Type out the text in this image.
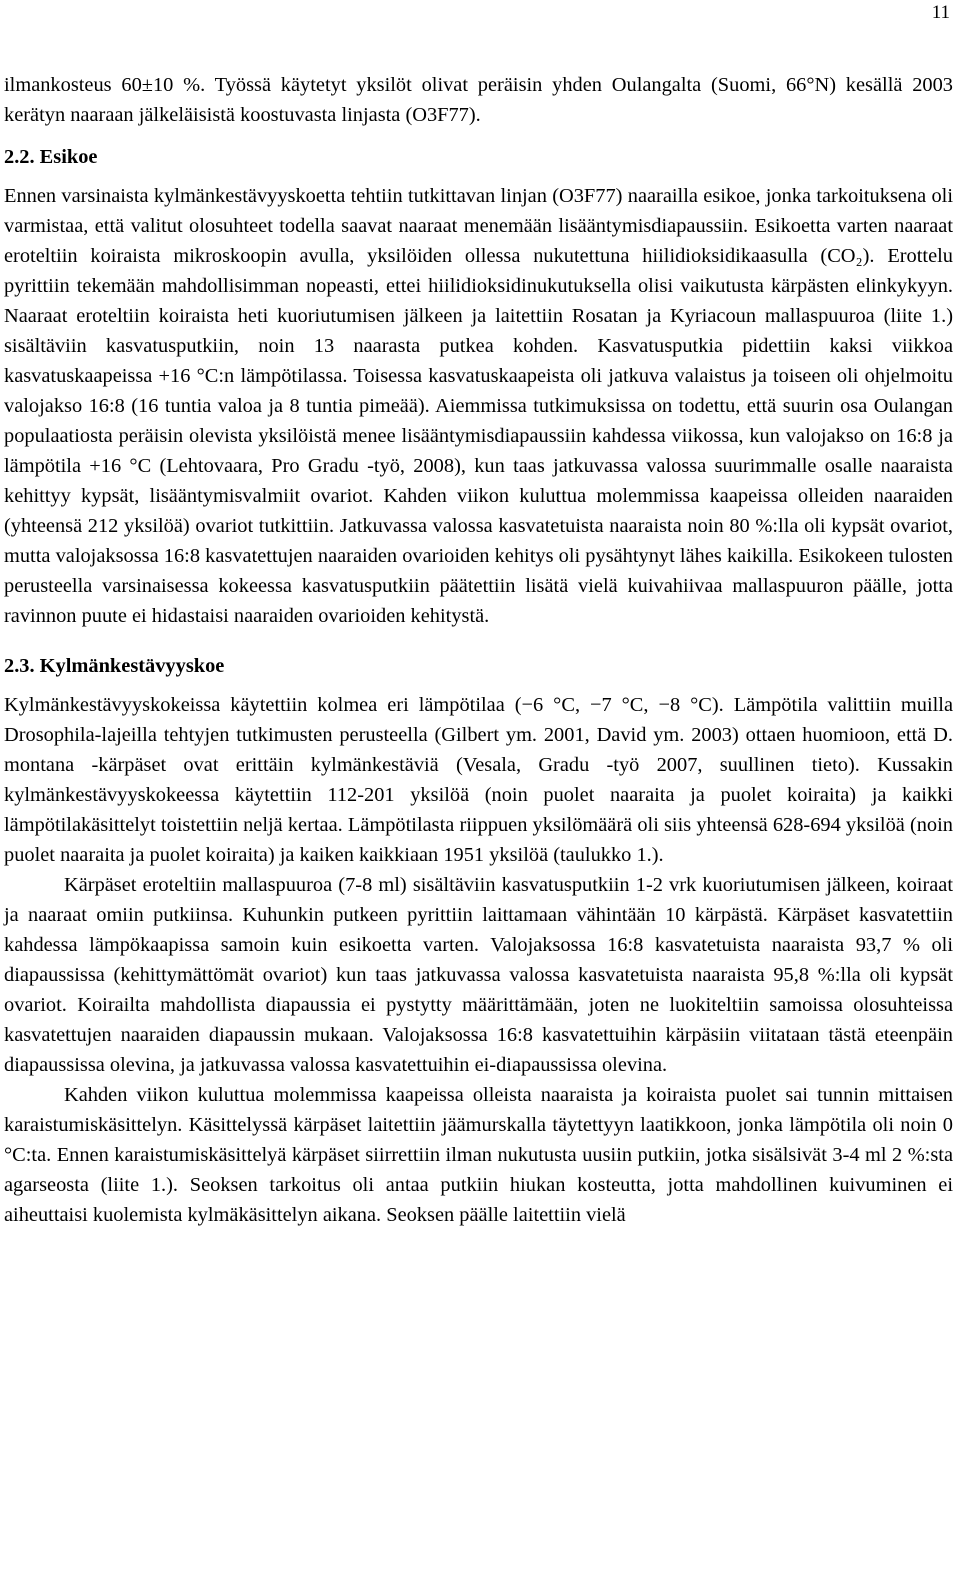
11

ilmankosteus 60±10 %. Työssä käytetyt yksilöt olivat peräisin yhden Oulangalta (Suomi, 66°N) kesällä 2003 kerätyn naaraan jälkeläisistä koostuvasta linjasta (O3F77).

2.2. Esikoe

Ennen varsinaista kylmänkestävyyskoetta tehtiin tutkittavan linjan (O3F77) naarailla esikoe, jonka tarkoituksena oli varmistaa, että valitut olosuhteet todella saavat naaraat menemään lisääntymisdiapaussiin. Esikoetta varten naaraat eroteltiin koiraista mikroskoopin avulla, yksilöiden ollessa nukutettuna hiilidioksidikaasulla (CO₂). Erottelu pyrittiin tekemään mahdollisimman nopeasti, ettei hiilidioksidinukutuksella olisi vaikutusta kärpästen elinkykyyn. Naaraat eroteltiin koiraista heti kuoriutumisen jälkeen ja laitettiin Rosatan ja Kyriacoun mallaspuuroa (liite 1.) sisältäviin kasvatusputkiin, noin 13 naarasta putkea kohden. Kasvatusputkia pidettiin kaksi viikkoa kasvatuskaapeissa +16 °C:n lämpötilassa. Toisessa kasvatuskaapeista oli jatkuva valaistus ja toiseen oli ohjelmoitu valojakso 16:8 (16 tuntia valoa ja 8 tuntia pimeää). Aiemmissa tutkimuksissa on todettu, että suurin osa Oulangan populaatiosta peräisin olevista yksilöistä menee lisääntymisdiapaussiin kahdessa viikossa, kun valojakso on 16:8 ja lämpötila +16 °C (Lehtovaara, Pro Gradu -työ, 2008), kun taas jatkuvassa valossa suurimmalle osalle naaraista kehittyy kypsät, lisääntymisvalmiit ovariot. Kahden viikon kuluttua molemmissa kaapeissa olleiden naaraiden (yhteensä 212 yksilöä) ovariot tutkittiin. Jatkuvassa valossa kasvatetuista naaraista noin 80 %:lla oli kypsät ovariot, mutta valojaksossa 16:8 kasvatettujen naaraiden ovarioiden kehitys oli pysähtynyt lähes kaikilla. Esikokeen tulosten perusteella varsinaisessa kokeessa kasvatusputkiin päätettiin lisätä vielä kuivahiivaa mallaspuuron päälle, jotta ravinnon puute ei hidastaisi naaraiden ovarioiden kehitystä.

2.3. Kylmänkestävyyskoe

Kylmänkestävyyskokeissa käytettiin kolmea eri lämpötilaa (−6 °C, −7 °C, −8 °C). Lämpötila valittiin muilla Drosophila-lajeilla tehtyjen tutkimusten perusteella (Gilbert ym. 2001, David ym. 2003) ottaen huomioon, että D. montana -kärpäset ovat erittäin kylmänkestäviä (Vesala, Gradu -työ 2007, suullinen tieto). Kussakin kylmänkestävyyskokeessa käytettiin 112-201 yksilöä (noin puolet naaraita ja puolet koiraita) ja kaikki lämpötilakäsittelyt toistettiin neljä kertaa. Lämpötilasta riippuen yksilömäärä oli siis yhteensä 628-694 yksilöä (noin puolet naaraita ja puolet koiraita) ja kaiken kaikkiaan 1951 yksilöä (taulukko 1.).

Kärpäset eroteltiin mallaspuuroa (7-8 ml) sisältäviin kasvatusputkiin 1-2 vrk kuoriutumisen jälkeen, koiraat ja naaraat omiin putkiinsa. Kuhunkin putkeen pyrittiin laittamaan vähintään 10 kärpästä. Kärpäset kasvatettiin kahdessa lämpökaapissa samoin kuin esikoetta varten. Valojaksossa 16:8 kasvatetuista naaraista 93,7 % oli diapaussissa (kehittymättömät ovariot) kun taas jatkuvassa valossa kasvatetuista naaraista 95,8 %:lla oli kypsät ovariot. Koirailta mahdollista diapaussia ei pystytty määrittämään, joten ne luokiteltiin samoissa olosuhteissa kasvatettujen naaraiden diapaussin mukaan. Valojaksossa 16:8 kasvatettuihin kärpäsiin viitataan tästä eteenpäin diapaussissa olevina, ja jatkuvassa valossa kasvatettuihin ei-diapaussissa olevina.

Kahden viikon kuluttua molemmissa kaapeissa olleista naaraista ja koiraista puolet sai tunnin mittaisen karaistumiskäsittelyn. Käsittelyssä kärpäset laitettiin jäämurskalla täytettyyn laatikkoon, jonka lämpötila oli noin 0 °C:ta. Ennen karaistumiskäsittelyä kärpäset siirrettiin ilman nukutusta uusiin putkiin, jotka sisälsivät 3-4 ml 2 %:sta agarseosta (liite 1.). Seoksen tarkoitus oli antaa putkiin hiukan kosteutta, jotta mahdollinen kuivuminen ei aiheuttaisi kuolemista kylmäkäsittelyn aikana. Seoksen päälle laitettiin vielä
